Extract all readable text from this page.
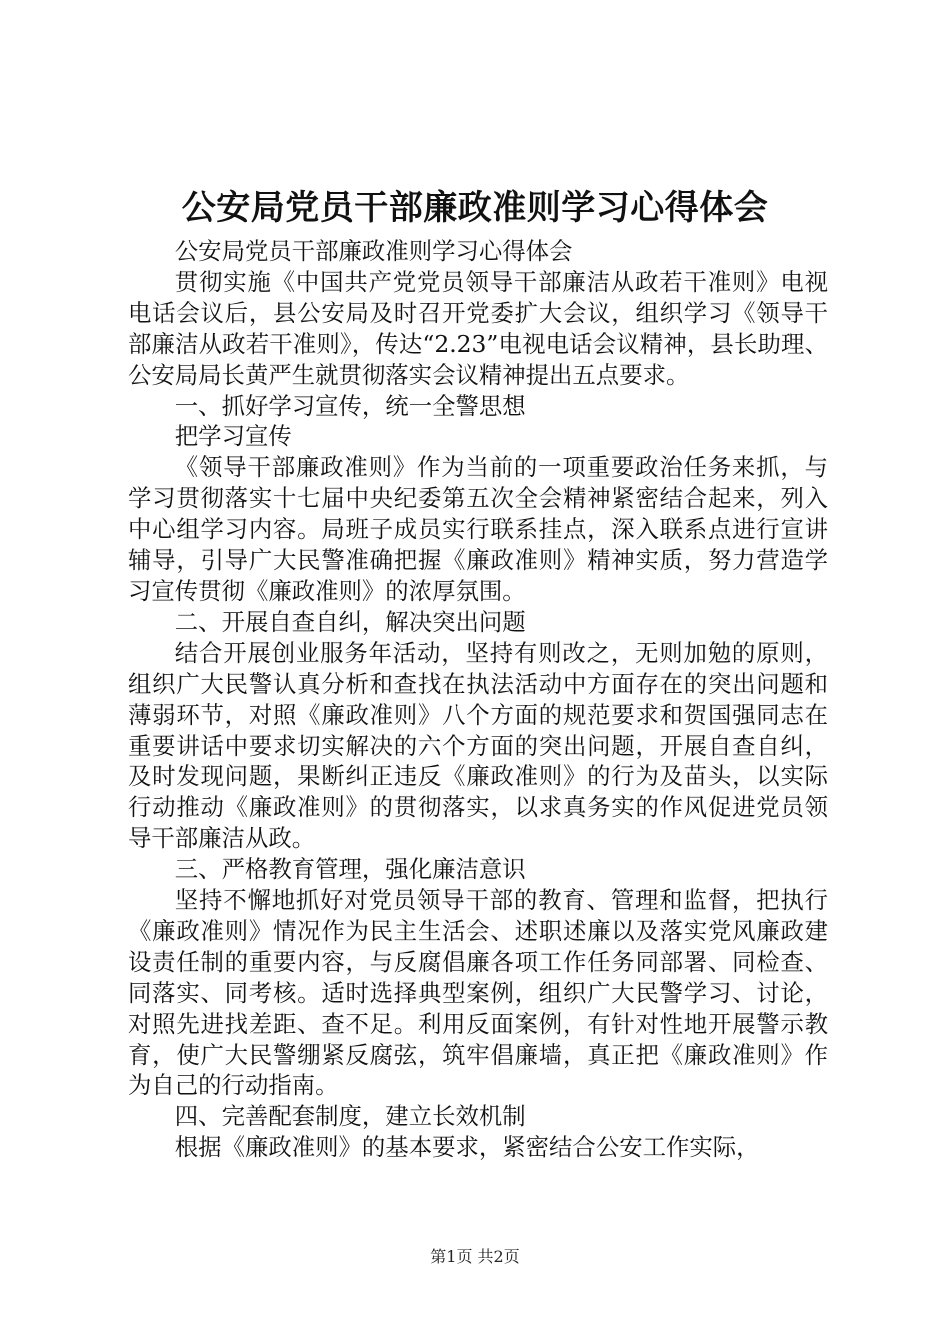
公安局党员干部廉政准则学习心得体会

公安局党员干部廉政准则学习心得体会

贯彻实施《中国共产党党员领导干部廉洁从政若干准则》电视电话会议后，县公安局及时召开党委扩大会议，组织学习《领导干部廉洁从政若干准则》，传达“2.23”电视电话会议精神，县长助理、公安局局长黄严生就贯彻落实会议精神提出五点要求。

一、抓好学习宣传，统一全警思想

把学习宣传

《领导干部廉政准则》作为当前的一项重要政治任务来抓，与学习贯彻落实十七届中央纪委第五次全会精神紧密结合起来，列入中心组学习内容。局班子成员实行联系挂点，深入联系点进行宣讲辅导，引导广大民警准确把握《廉政准则》精神实质，努力营造学习宣传贯彻《廉政准则》的浓厚氛围。

二、开展自查自纠，解决突出问题

结合开展创业服务年活动，坚持有则改之，无则加勉的原则，组织广大民警认真分析和查找在执法活动中方面存在的突出问题和薄弱环节，对照《廉政准则》八个方面的规范要求和贺国强同志在重要讲话中要求切实解决的六个方面的突出问题，开展自查自纠，及时发现问题，果断纠正违反《廉政准则》的行为及苗头，以实际行动推动《廉政准则》的贯彻落实，以求真务实的作风促进党员领导干部廉洁从政。

三、严格教育管理，强化廉洁意识

坚持不懈地抓好对党员领导干部的教育、管理和监督，把执行《廉政准则》情况作为民主生活会、述职述廉以及落实党风廉政建设责任制的重要内容，与反腐倡廉各项工作任务同部署、同检查、同落实、同考核。适时选择典型案例，组织广大民警学习、讨论，对照先进找差距、查不足。利用反面案例，有针对性地开展警示教育，使广大民警绷紧反腐弦，筑牢倡廉墙，真正把《廉政准则》作为自己的行动指南。

四、完善配套制度，建立长效机制

根据《廉政准则》的基本要求，紧密结合公安工作实际，

第1页 共2页
